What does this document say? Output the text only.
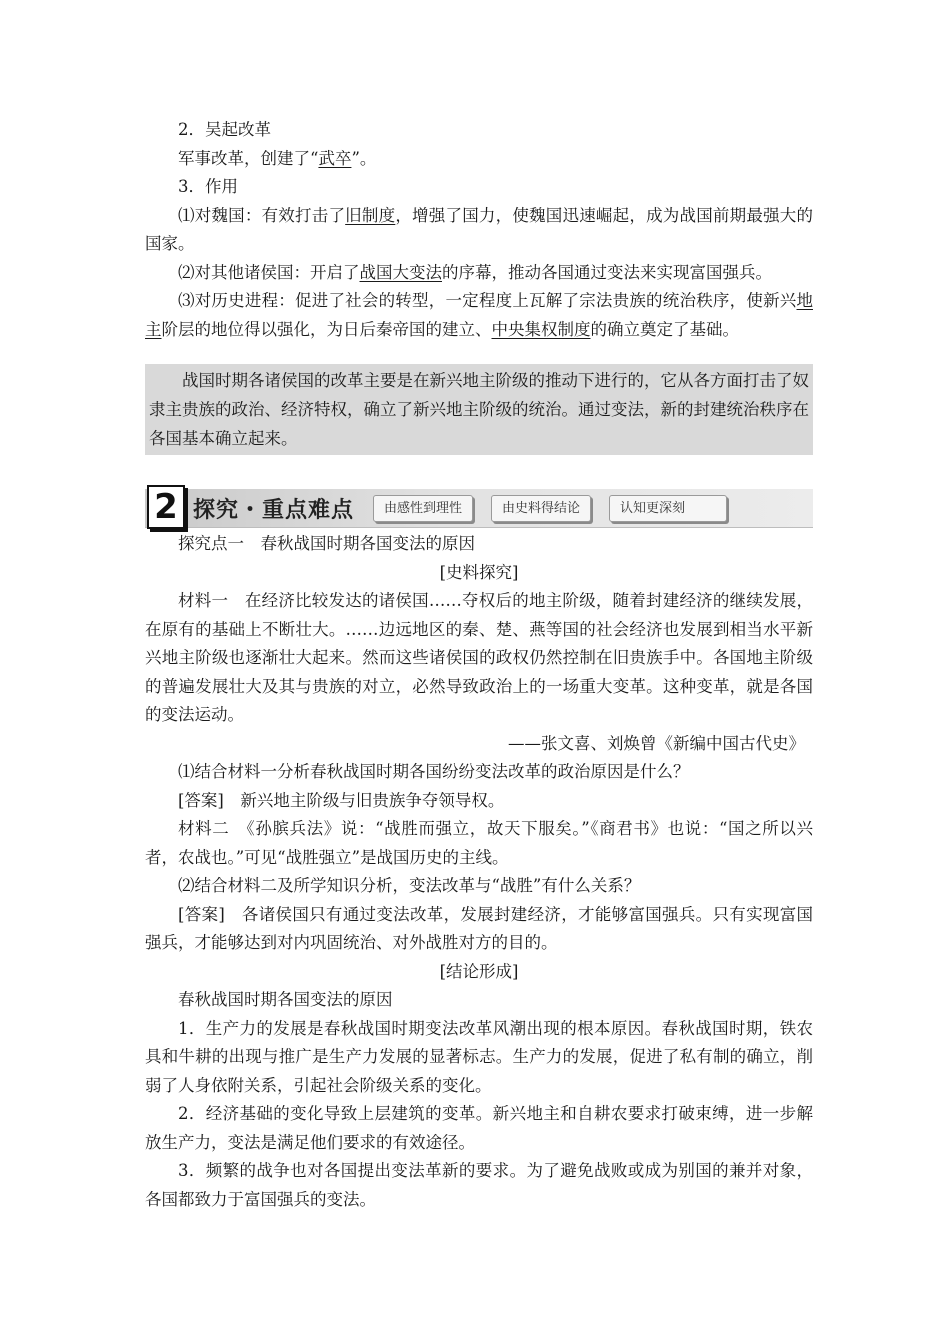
2．吴起改革

军事改革，创建了“武卒”。

3．作用

⑴对魏国：有效打击了旧制度，增强了国力，使魏国迅速崛起，成为战国前期最强大的国家。

⑵对其他诸侯国：开启了战国大变法的序幕，推动各国通过变法来实现富国强兵。

⑶对历史进程：促进了社会的转型，一定程度上瓦解了宗法贵族的统治秩序，使新兴地主阶层的地位得以强化，为日后秦帝国的建立、中央集权制度的确立奠定了基础。

战国时期各诸侯国的改革主要是在新兴地主阶级的推动下进行的，它从各方面打击了奴隶主贵族的政治、经济特权，确立了新兴地主阶级的统治。通过变法，新的封建统治秩序在各国基本确立起来。

2 探究・重点难点	由感性到理性	由史料得结论	认知更深刻

探究点一　春秋战国时期各国变法的原因

[史料探究]

材料一　在经济比较发达的诸侯国……夺权后的地主阶级，随着封建经济的继续发展，在原有的基础上不断壮大。……边远地区的秦、楚、燕等国的社会经济也发展到相当水平新兴地主阶级也逐渐壮大起来。然而这些诸侯国的政权仍然控制在旧贵族手中。各国地主阶级的普遍发展壮大及其与贵族的对立，必然导致政治上的一场重大变革。这种变革，就是各国的变法运动。

——张文喜、刘焕曾《新编中国古代史》

⑴结合材料一分析春秋战国时期各国纷纷变法改革的政治原因是什么？

[答案]　新兴地主阶级与旧贵族争夺领导权。

材料二　《孙膑兵法》说：“战胜而强立，故天下服矣。”《商君书》也说：“国之所以兴者，农战也。”可见“战胜强立”是战国历史的主线。

⑵结合材料二及所学知识分析，变法改革与“战胜”有什么关系？

[答案]　各诸侯国只有通过变法改革，发展封建经济，才能够富国强兵。只有实现富国强兵，才能够达到对内巩固统治、对外战胜对方的目的。

[结论形成]

春秋战国时期各国变法的原因

1．生产力的发展是春秋战国时期变法改革风潮出现的根本原因。春秋战国时期，铁农具和牛耕的出现与推广是生产力发展的显著标志。生产力的发展，促进了私有制的确立，削弱了人身依附关系，引起社会阶级关系的变化。

2．经济基础的变化导致上层建筑的变革。新兴地主和自耕农要求打破束缚，进一步解放生产力，变法是满足他们要求的有效途径。

3．频繁的战争也对各国提出变法革新的要求。为了避免战败或成为别国的兼并对象，各国都致力于富国强兵的变法。
